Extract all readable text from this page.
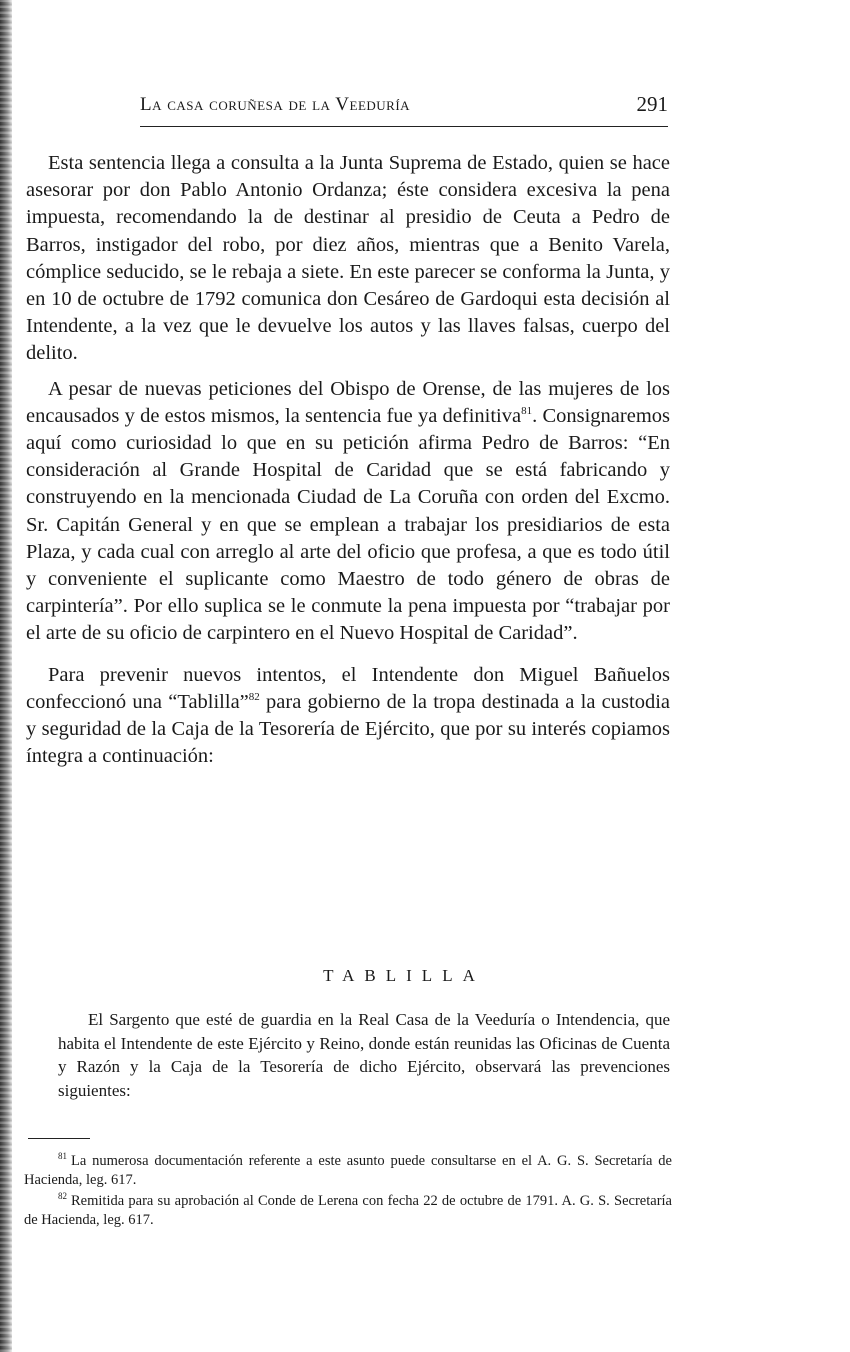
La casa coruñesa de la Veeduría	291

Esta sentencia llega a consulta a la Junta Suprema de Estado, quien se hace asesorar por don Pablo Antonio Ordanza; éste considera excesiva la pena impuesta, recomendando la de destinar al presidio de Ceuta a Pedro de Barros, instigador del robo, por diez años, mientras que a Benito Varela, cómplice seducido, se le rebaja a siete. En este parecer se conforma la Junta, y en 10 de octubre de 1792 comunica don Cesáreo de Gardoqui esta decisión al Intendente, a la vez que le devuelve los autos y las llaves falsas, cuerpo del delito.

A pesar de nuevas peticiones del Obispo de Orense, de las mujeres de los encausados y de estos mismos, la sentencia fue ya definitiva$^{81}$. Consignaremos aquí como curiosidad lo que en su petición afirma Pedro de Barros: “En consideración al Grande Hospital de Caridad que se está fabricando y construyendo en la mencionada Ciudad de La Coruña con orden del Excmo. Sr. Capitán General y en que se emplean a trabajar los presidiarios de esta Plaza, y cada cual con arreglo al arte del oficio que profesa, a que es todo útil y conveniente el suplicante como Maestro de todo género de obras de carpintería”. Por ello suplica se le conmute la pena impuesta por “trabajar por el arte de su oficio de carpintero en el Nuevo Hospital de Caridad”.

Para prevenir nuevos intentos, el Intendente don Miguel Bañuelos confeccionó una “Tablilla”$^{82}$ para gobierno de la tropa destinada a la custodia y seguridad de la Caja de la Tesorería de Ejército, que por su interés copiamos íntegra a continuación:

TABLILLA

El Sargento que esté de guardia en la Real Casa de la Veeduría o Intendencia, que habita el Intendente de este Ejército y Reino, donde están reunidas las Oficinas de Cuenta y Razón y la Caja de la Tesorería de dicho Ejército, observará las prevenciones siguientes:

$^{81}$ La numerosa documentación referente a este asunto puede consultarse en el A. G. S. Secretaría de Hacienda, leg. 617.

$^{82}$ Remitida para su aprobación al Conde de Lerena con fecha 22 de octubre de 1791. A. G. S. Secretaría de Hacienda, leg. 617.
